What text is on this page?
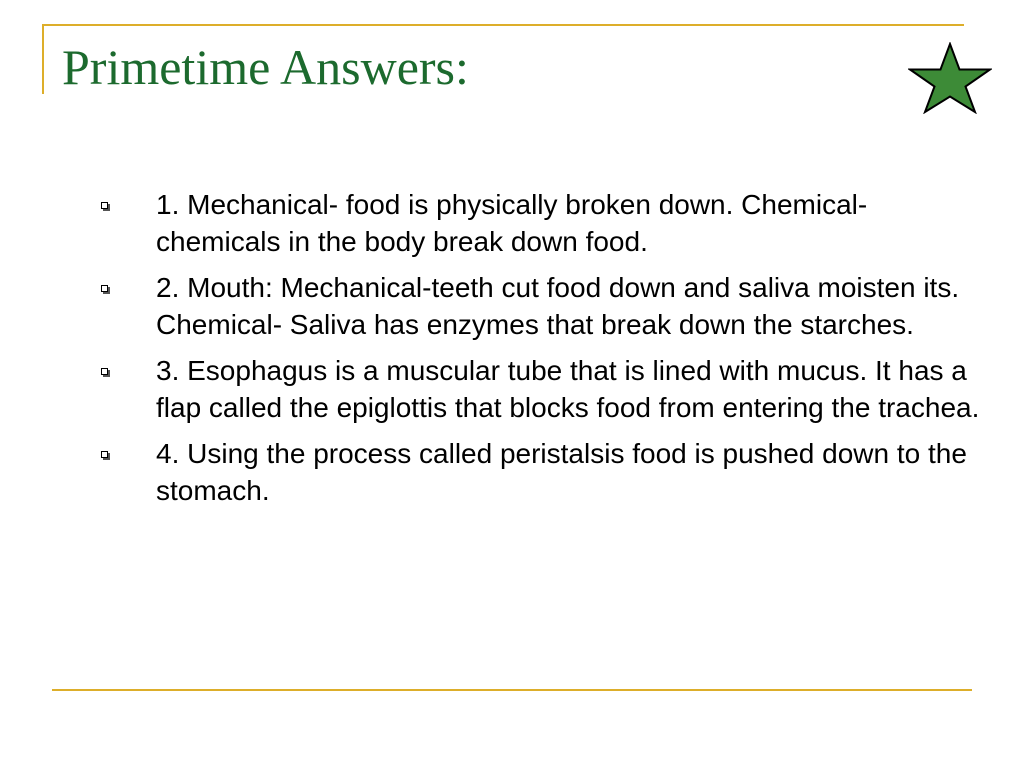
Primetime Answers:
1. Mechanical- food is physically broken down. Chemical- chemicals in the body break down food.
2. Mouth: Mechanical-teeth cut food down and saliva moisten its. Chemical- Saliva has enzymes that break down the starches.
3. Esophagus is a muscular tube that is lined with mucus. It has a flap called the epiglottis that blocks food from entering the trachea.
4. Using the process called peristalsis food is pushed down to the stomach.
